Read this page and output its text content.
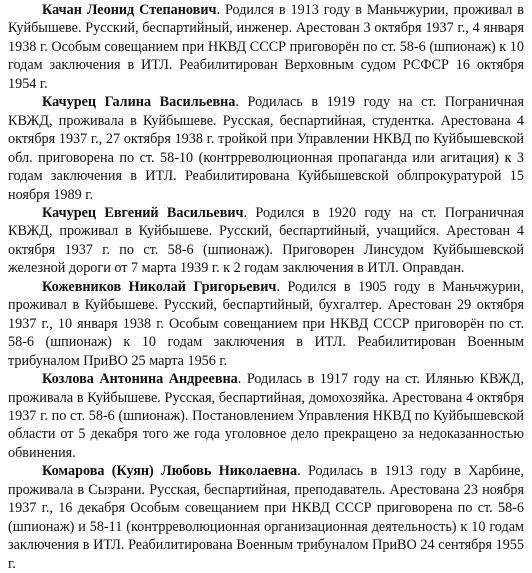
Качан Леонид Степанович. Родился в 1913 году в Маньчжурии, проживал в Куйбышеве. Русский, беспартийный, инженер. Арестован 3 октября 1937 г., 4 января 1938 г. Особым совещанием при НКВД СССР приговорён по ст. 58-6 (шпионаж) к 10 годам заключения в ИТЛ. Реабилитирован Верховным судом РСФСР 16 октября 1954 г.

Качурец Галина Васильевна. Родилась в 1919 году на ст. Пограничная КВЖД, проживала в Куйбышеве. Русская, беспартийная, студентка. Арестована 4 октября 1937 г., 27 октября 1938 г. тройкой при Управлении НКВД по Куйбышевской обл. приговорена по ст. 58-10 (контрреволюционная пропаганда или агитация) к 3 годам заключения в ИТЛ. Реабилитирована Куйбышевской облпрокуратурой 15 ноября 1989 г.

Качурец Евгений Васильевич. Родился в 1920 году на ст. Пограничная КВЖД, проживал в Куйбышеве. Русский, беспартийный, учащийся. Арестован 4 октября 1937 г. по ст. 58-6 (шпионаж). Приговорен Линсудом Куйбышевской железной дороги от 7 марта 1939 г. к 2 годам заключения в ИТЛ. Оправдан.

Кожевников Николай Григорьевич. Родился в 1905 году в Маньчжурии, проживал в Куйбышеве. Русский, беспартийный, бухгалтер. Арестован 29 октября 1937 г., 10 января 1938 г. Особым совещанием при НКВД СССР приговорён по ст. 58-6 (шпионаж) к 10 годам заключения в ИТЛ. Реабилитирован Военным трибуналом ПриВО 25 марта 1956 г.

Козлова Антонина Андреевна. Родилась в 1917 году на ст. Илянью КВЖД, проживала в Куйбышеве. Русская, беспартийная, домохозяйка. Арестована 4 октября 1937 г. по ст. 58-6 (шпионаж). Постановлением Управления НКВД по Куйбышевской области от 5 декабря того же года уголовное дело прекращено за недоказанностью обвинения.

Комарова (Куян) Любовь Николаевна. Родилась в 1913 году в Харбине, проживала в Сызрани. Русская, беспартийная, преподаватель. Арестована 23 ноября 1937 г., 16 декабря Особым совещанием при НКВД СССР приговорена по ст. 58-6 (шпионаж) и 58-11 (контрреволюционная организационная деятельность) к 10 годам заключения в ИТЛ. Реабилитирована Военным трибуналом ПриВО 24 сентября 1955 г.
